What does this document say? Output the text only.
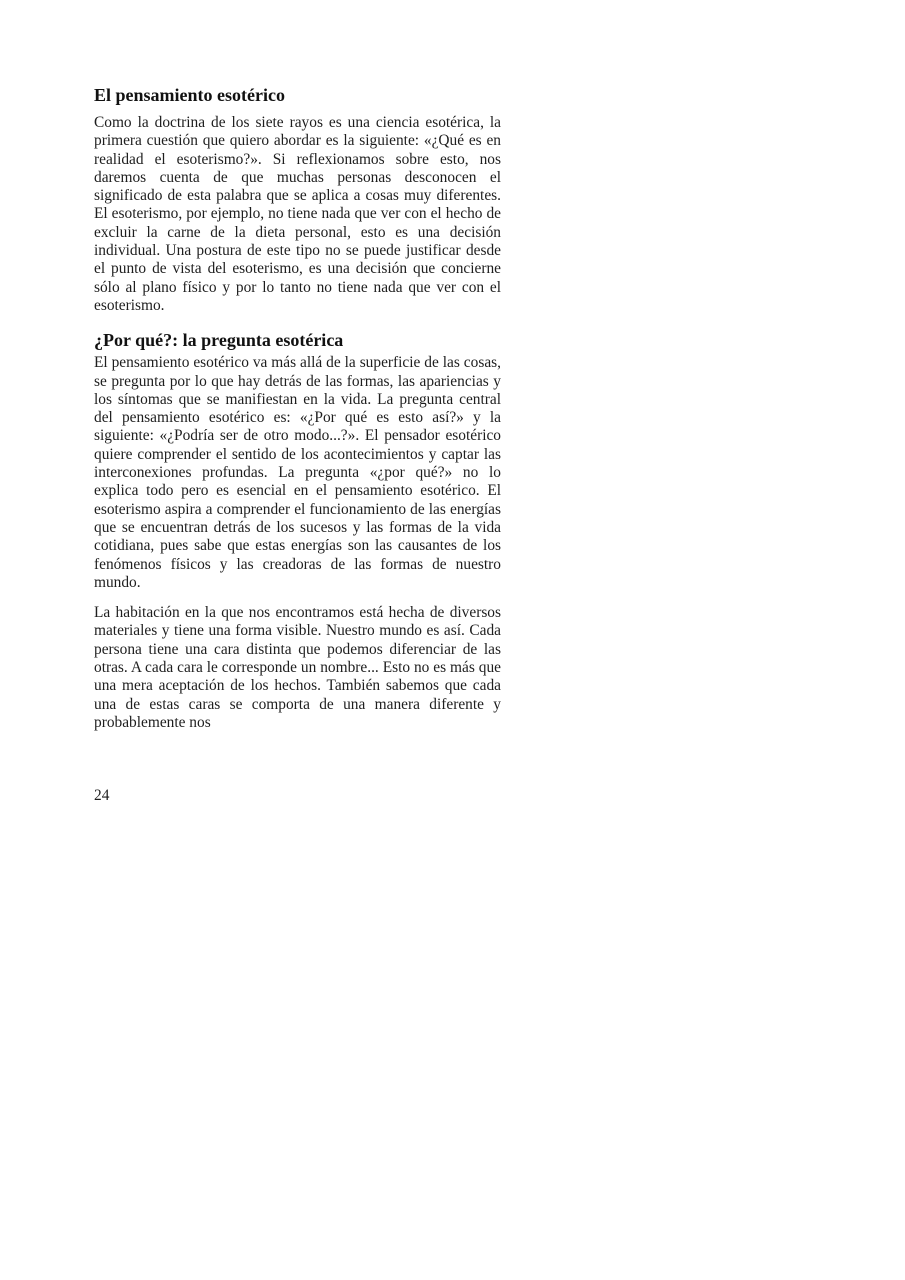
El pensamiento esotérico

Como la doctrina de los siete rayos es una ciencia esotérica, la primera cuestión que quiero abordar es la siguiente: «¿Qué es en realidad el esoterismo?». Si reflexionamos sobre esto, nos daremos cuenta de que muchas personas desconocen el significado de esta palabra que se aplica a cosas muy diferentes. El esoterismo, por ejemplo, no tiene nada que ver con el hecho de excluir la carne de la dieta personal, esto es una decisión individual. Una postura de este tipo no se puede justificar desde el punto de vista del esoterismo, es una decisión que concierne sólo al plano físico y por lo tanto no tiene nada que ver con el esoterismo.

¿Por qué?: la pregunta esotérica

El pensamiento esotérico va más allá de la superficie de las cosas, se pregunta por lo que hay detrás de las formas, las apariencias y los síntomas que se manifiestan en la vida. La pregunta central del pensamiento esotérico es: «¿Por qué es esto así?» y la siguiente: «¿Podría ser de otro modo...?». El pensador esotérico quiere comprender el sentido de los acontecimientos y captar las interconexiones profundas. La pregunta «¿por qué?» no lo explica todo pero es esencial en el pensamiento esotérico. El esoterismo aspira a comprender el funcionamiento de las energías que se encuentran detrás de los sucesos y las formas de la vida cotidiana, pues sabe que estas energías son las causantes de los fenómenos físicos y las creadoras de las formas de nuestro mundo.

La habitación en la que nos encontramos está hecha de diversos materiales y tiene una forma visible. Nuestro mundo es así. Cada persona tiene una cara distinta que podemos diferenciar de las otras. A cada cara le corresponde un nombre... Esto no es más que una mera aceptación de los hechos. También sabemos que cada una de estas caras se comporta de una manera diferente y probablemente nos

24
